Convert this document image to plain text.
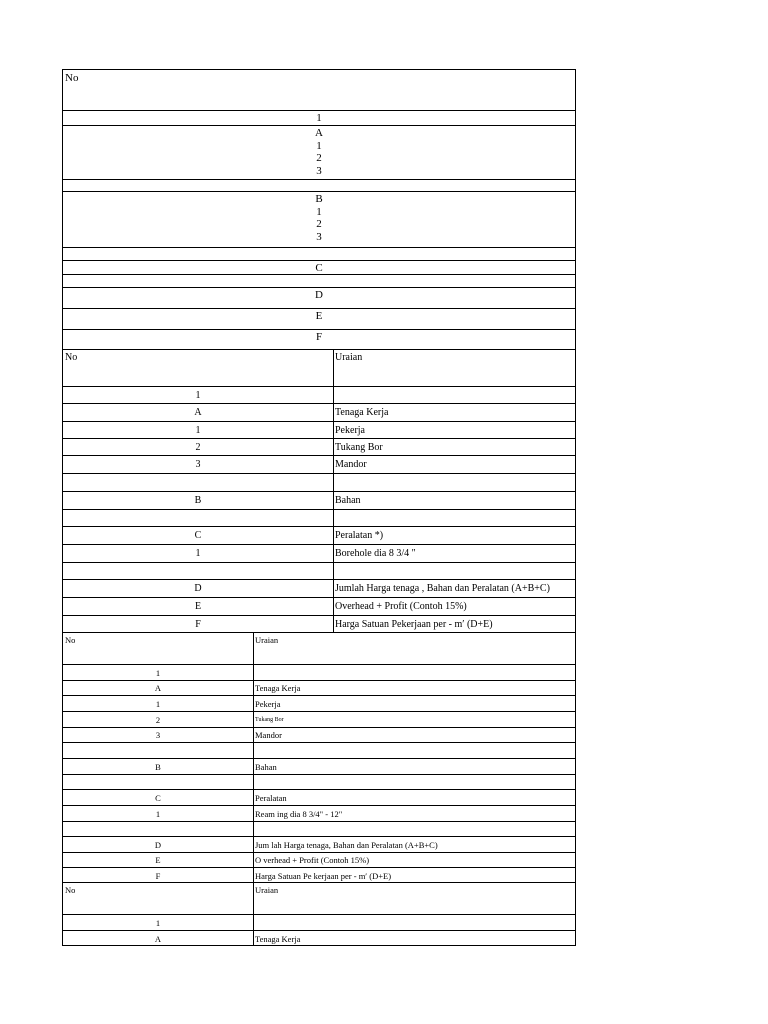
No
1
A
1
2
3
B
1
2
3
C
D
E
F
No	Uraian
1
A	Tenaga Kerja
1	Pekerja
2	Tukang Bor
3	Mandor
B	Bahan
C	Peralatan *)
1	Borehole dia 8 3/4 "
D	Jumlah Harga tenaga , Bahan dan Peralatan (A+B+C)
E	Overhead + Profit (Contoh 15%)
F	Harga Satuan Pekerjaan per - m′ (D+E)
No	Uraian
1
A	Tenaga Kerja
1	Pekerja
2	Tukang Bor
3	Mandor
B	Bahan
C	Peralatan
1	Ream ing dia 8 3/4" - 12"
D	Jum lah Harga tenaga, Bahan dan Peralatan (A+B+C)
E	O verhead + Profit (Contoh 15%)
F	Harga Satuan Pe kerjaan per - m′ (D+E)
No	Uraian
1
A	Tenaga Kerja
